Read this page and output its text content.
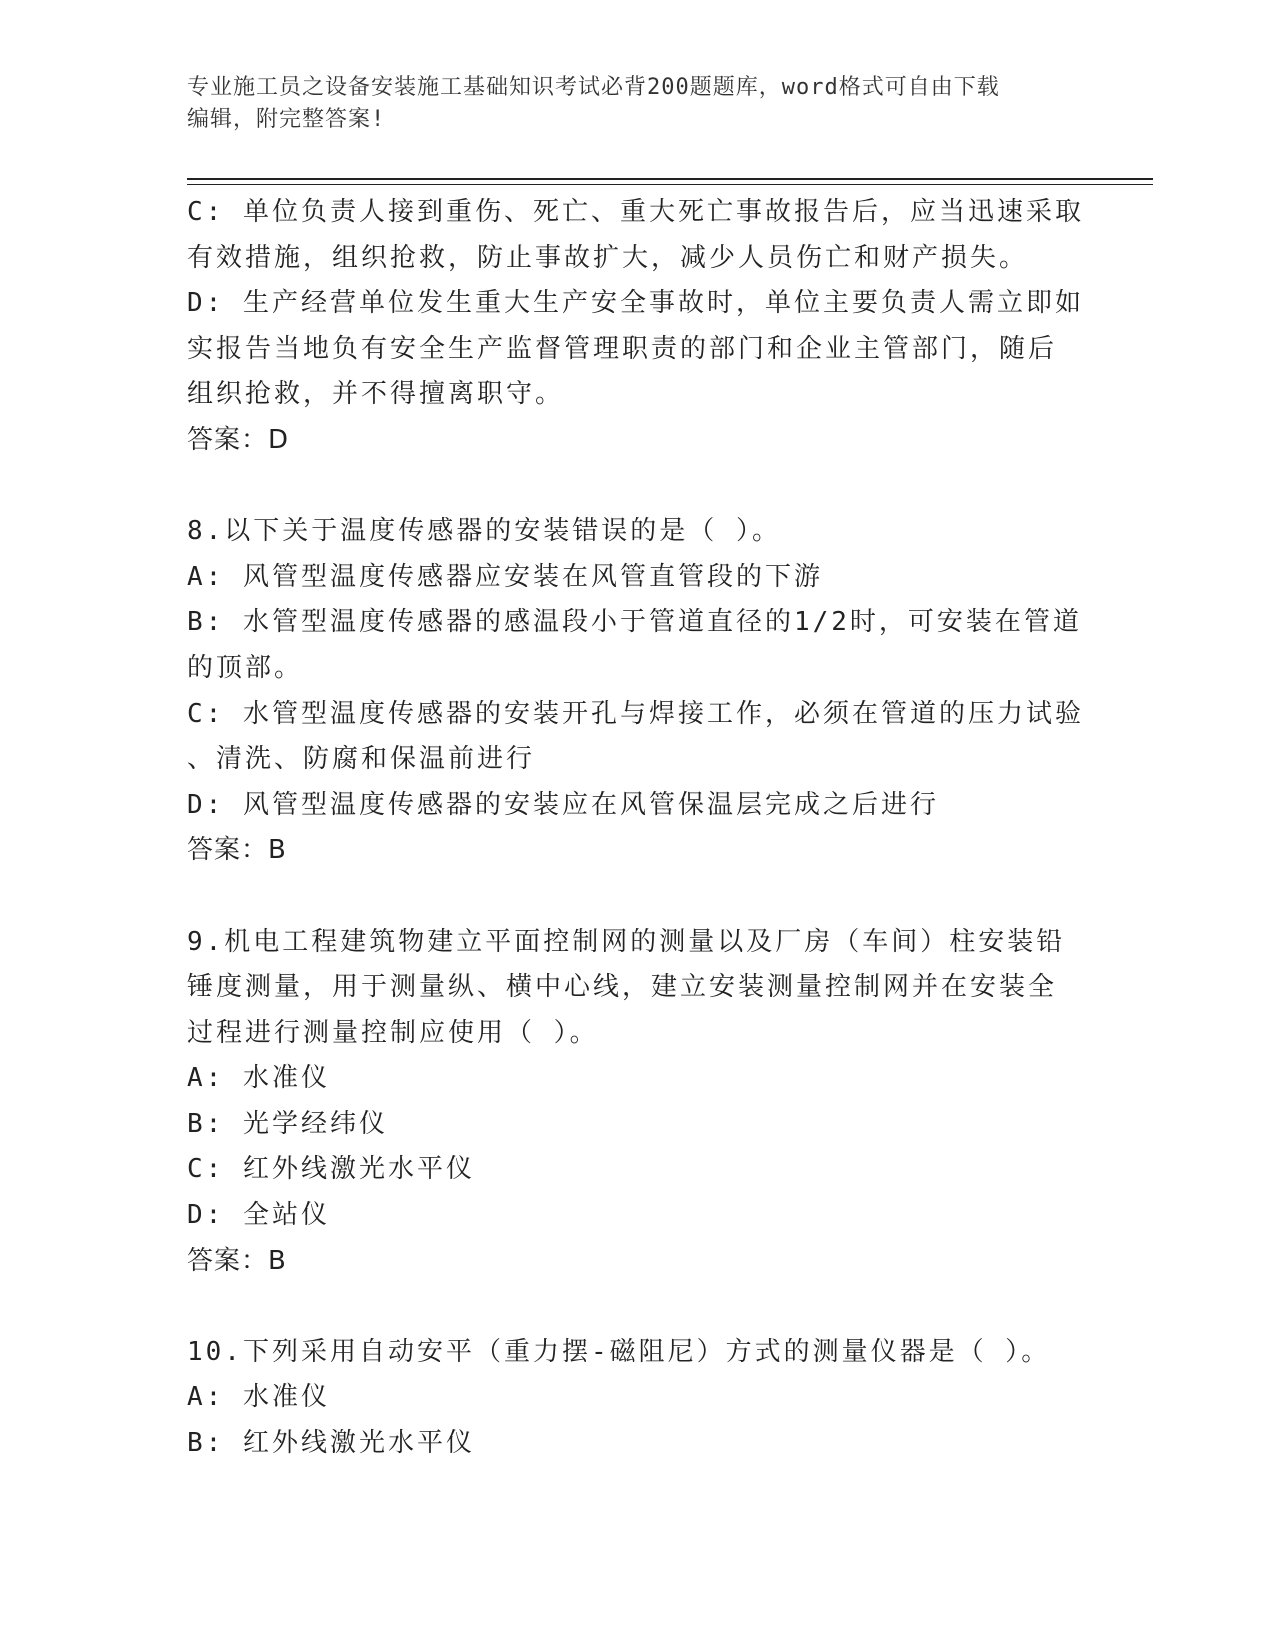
专业施工员之设备安装施工基础知识考试必背200题题库，word格式可自由下载
编辑，附完整答案!
C: 单位负责人接到重伤、死亡、重大死亡事故报告后，应当迅速采取
有效措施，组织抢救，防止事故扩大，减少人员伤亡和财产损失。
D: 生产经营单位发生重大生产安全事故时，单位主要负责人需立即如
实报告当地负有安全生产监督管理职责的部门和企业主管部门，随后
组织抢救，并不得擅离职守。
答案：D
8.以下关于温度传感器的安装错误的是（ ）。
A: 风管型温度传感器应安装在风管直管段的下游
B: 水管型温度传感器的感温段小于管道直径的1/2时，可安装在管道
的顶部。
C: 水管型温度传感器的安装开孔与焊接工作，必须在管道的压力试验
、清洗、防腐和保温前进行
D: 风管型温度传感器的安装应在风管保温层完成之后进行
答案：B
9.机电工程建筑物建立平面控制网的测量以及厂房（车间）柱安装铅
锤度测量，用于测量纵、横中心线，建立安装测量控制网并在安装全
过程进行测量控制应使用（ ）。
A: 水准仪
B: 光学经纬仪
C: 红外线激光水平仪
D: 全站仪
答案：B
10.下列采用自动安平（重力摆-磁阻尼）方式的测量仪器是（ ）。
A: 水准仪
B: 红外线激光水平仪
